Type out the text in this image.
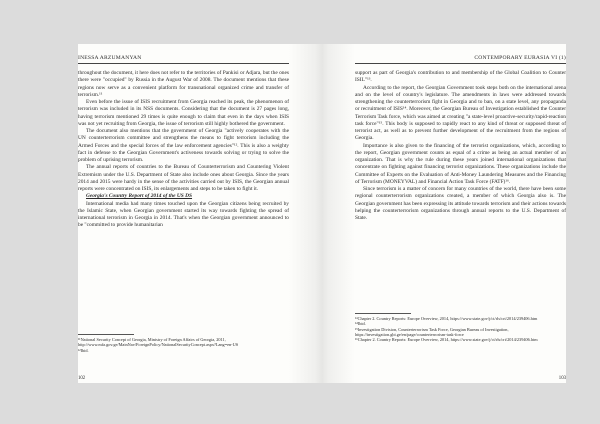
INESSA ARZUMANYAN

throughout the document, it here does not refer to the territories of Pankisi or Adjara, but the ones there were "occupied" by Russia in the August War of 2008. The document mentions that these regions now serve as a convenient platform for transnational organized crime and transfer of terrorism.¹¹

Even before the issue of ISIS recruitment from Georgia reached its peak, the phenomenon of terrorism was included in its NSS documents. Considering that the document is 27 pages long, having terrorism mentioned 29 times is quite enough to claim that even in the days when ISIS was not yet recruiting from Georgia, the issue of terrorism still highly bothered the government.

The document also mentions that the government of Georgia "actively cooperates with the UN counterterrorism committee and strengthens the means to fight terrorism including the Armed Forces and the special forces of the law enforcement agencies"¹². This is also a weighty fact in defense to the Georgian Government's activeness towards solving or trying to solve the problem of uprising terrorism.

The annual reports of countries to the Bureau of Counterterrorism and Countering Violent Extremism under the U.S. Department of State also include ones about Georgia. Since the years 2014 and 2015 were hardy in the sense of the activities carried out by ISIS, the Georgian annual reports were concentrated on ISIS, its enlargements and steps to be taken to fight it.

Georgia's Country Report of 2014 of the US DS

International media had many times touched upon the Georgian citizens being recruited by the Islamic State, when Georgian government started its way towards fighting the spread of international terrorism in Georgia in 2014. That's when the Georgian government announced to be "committed to provide humanitarian

¹¹National Security Concept of Georgia, Ministry of Foreign Affairs of Georgia, 2011, http://www.mfa.gov.ge/MainNav/ForeignPolicy/NationalSecurityConcept.aspx?Lang=en-US

¹²Ibid.

102
CONTEMPORARY EURASIA VI (1)

support as part of Georgia's contribution to and membership of the Global Coalition to Counter ISIL"¹³.

According to the report, the Georgian Government took steps both on the international arena and on the level of country's legislature. The amendments in laws were addressed towards strengthening the counterterrorism fight in Georgia and to ban, on a state level, any propaganda or recruitment of ISIS¹⁴. Moreover, the Georgian Bureau of Investigation established the Counter Terrorism Task force, which was aimed at creating "a state-level proactive-security/rapid-reaction task force"¹⁵. This body is supposed to rapidly react to any kind of threat or supposed threat of terrorist act, as well as to prevent further development of the recruitment from the regions of Georgia.

Importance is also given to the financing of the terrorist organizations, which, according to the report, Georgian government counts as equal of a crime as being an actual member of an organization. That is why the rule during these years joined international organizations that concentrate on fighting against financing terrorist organizations. These organizations include the Committee of Experts on the Evaluation of Anti-Money Laundering Measures and the Financing of Terrorism (MONEYVAL) and Financial Action Task Force (FATF)¹⁶.

Since terrorism is a matter of concern for many countries of the world, there have been some regional counterterrorism organizations created, a member of which Georgia also is. The Georgian government has been expressing its attitude towards terrorism and their actions towards helping the counterterrorism organizations through annual reports to the U.S. Department of State.

¹³Chapter 2. Country Reports: Europe Overview, 2014, https://www.state.gov/j/ct/rls/crt/2014/239406.htm

¹⁴Ibid.

¹⁵Investigation Division, Counterterrorism Task Force, Georgian Bureau of Investigation, https://investigation.gbi.ge/en/page/counterterrorism-task-force

¹⁶Chapter 2. Country Reports: Europe Overview, 2014, https://www.state.gov/j/ct/rls/crt/2014/239406.htm

103
